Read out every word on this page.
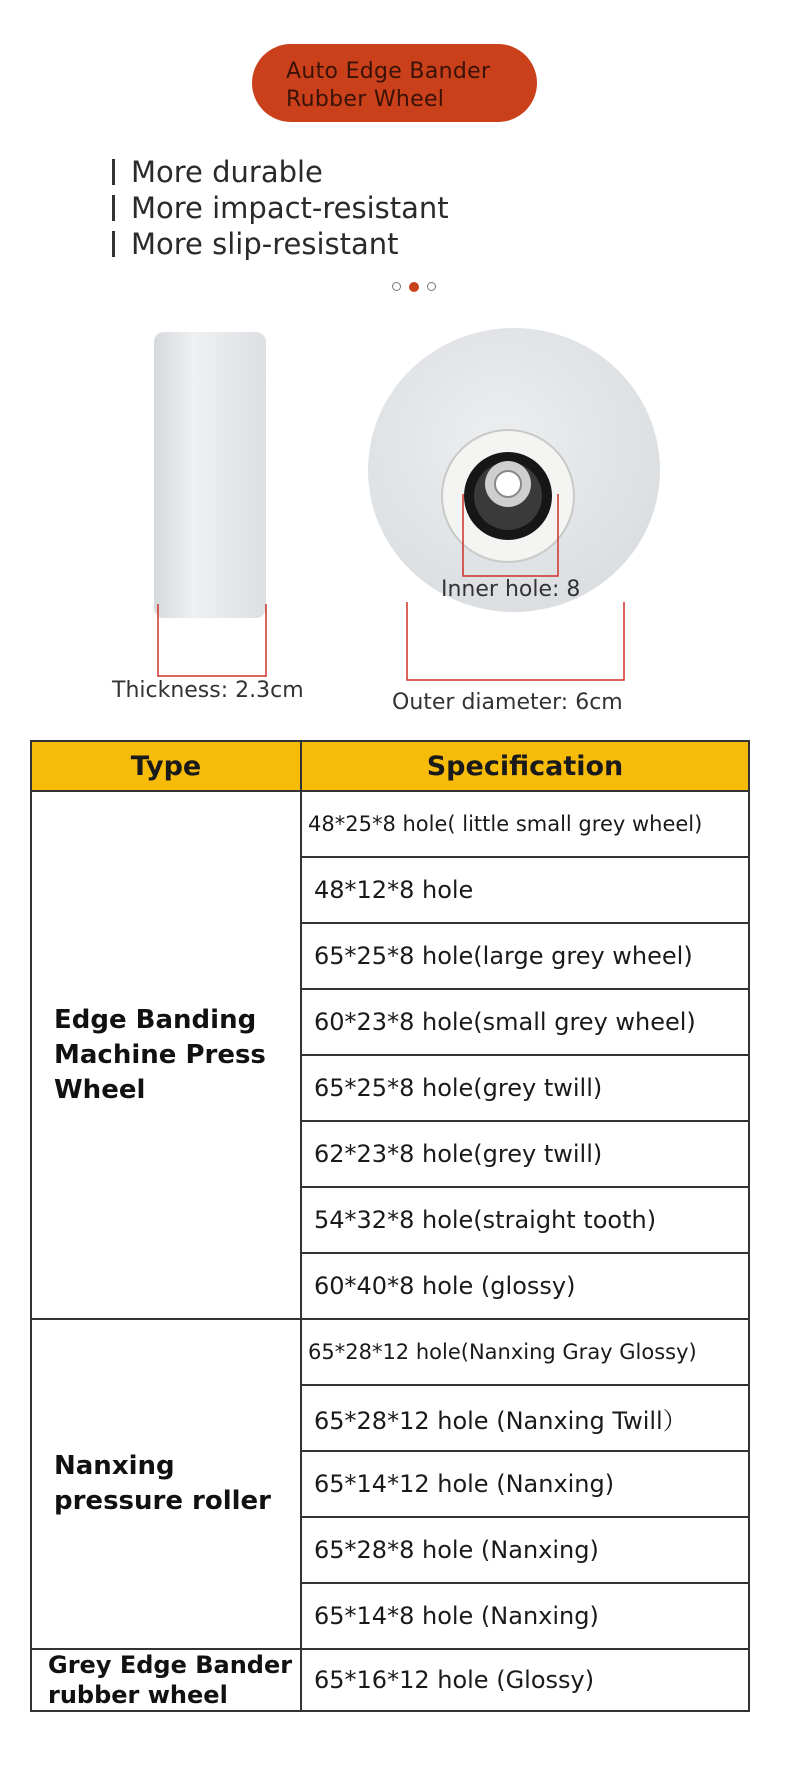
Auto Edge Bander
Rubber Wheel
More durable
More impact-resistant
More slip-resistant
Inner hole: 8
Thickness: 2.3cm	Outer diameter: 6cm
Type	Specification
Edge Banding Machine Press Wheel	48*25*8 hole( little small grey wheel)
	48*12*8 hole
	65*25*8 hole(large grey wheel)
	60*23*8 hole(small grey wheel)
	65*25*8 hole(grey twill)
	62*23*8 hole(grey twill)
	54*32*8 hole(straight tooth)
	60*40*8 hole (glossy)
Nanxing pressure roller	65*28*12 hole(Nanxing Gray Glossy)
	65*28*12 hole (Nanxing Twill）
	65*14*12 hole (Nanxing)
	65*28*8 hole (Nanxing)
	65*14*8 hole (Nanxing)
Grey Edge Bander rubber wheel	65*16*12 hole (Glossy)
